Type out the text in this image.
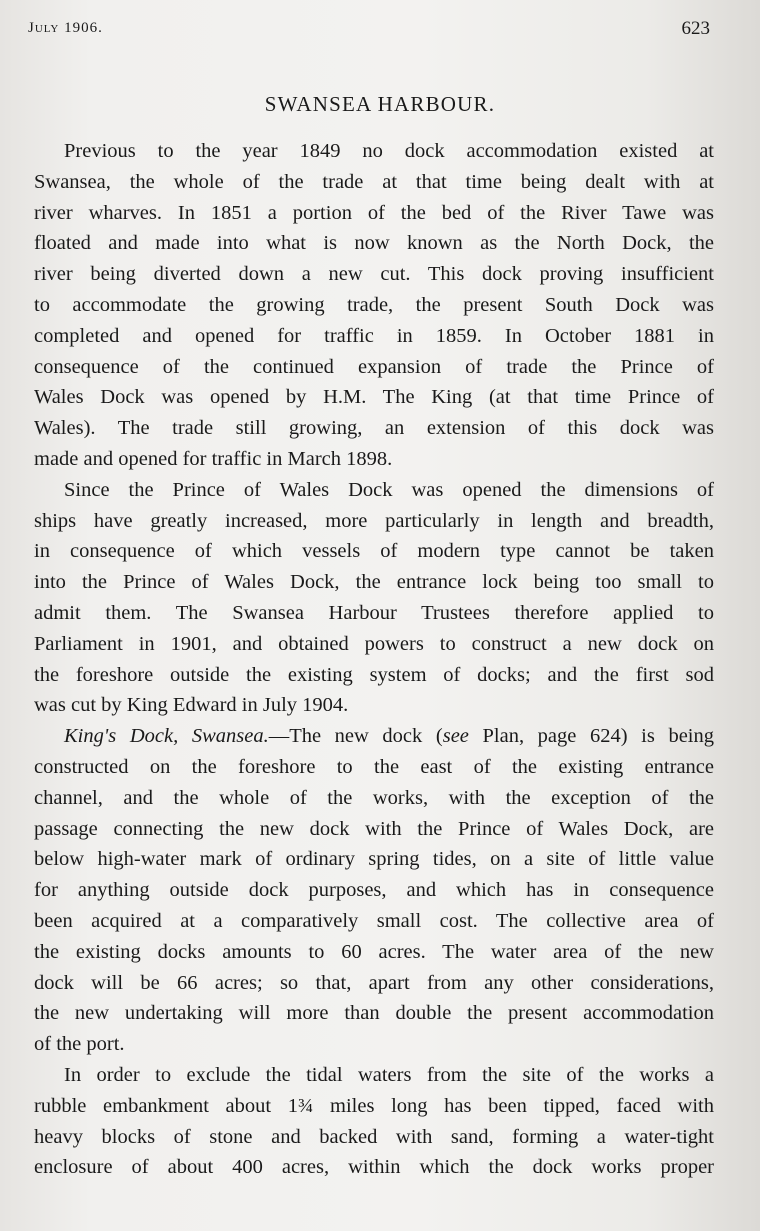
July 1906.	623
SWANSEA HARBOUR.
Previous to the year 1849 no dock accommodation existed at
Swansea, the whole of the trade at that time being dealt with at
river wharves. In 1851 a portion of the bed of the River Tawe was
floated and made into what is now known as the North Dock, the
river being diverted down a new cut. This dock proving insufficient
to accommodate the growing trade, the present South Dock was
completed and opened for traffic in 1859. In October 1881 in
consequence of the continued expansion of trade the Prince of
Wales Dock was opened by H.M. The King (at that time Prince of
Wales). The trade still growing, an extension of this dock was
made and opened for traffic in March 1898.
Since the Prince of Wales Dock was opened the dimensions of
ships have greatly increased, more particularly in length and breadth,
in consequence of which vessels of modern type cannot be taken
into the Prince of Wales Dock, the entrance lock being too small to
admit them. The Swansea Harbour Trustees therefore applied to
Parliament in 1901, and obtained powers to construct a new dock on
the foreshore outside the existing system of docks; and the first sod
was cut by King Edward in July 1904.
King's Dock, Swansea.—The new dock (see Plan, page 624) is being
constructed on the foreshore to the east of the existing entrance
channel, and the whole of the works, with the exception of the
passage connecting the new dock with the Prince of Wales Dock, are
below high-water mark of ordinary spring tides, on a site of little value
for anything outside dock purposes, and which has in consequence
been acquired at a comparatively small cost. The collective area of
the existing docks amounts to 60 acres. The water area of the new
dock will be 66 acres; so that, apart from any other considerations,
the new undertaking will more than double the present accommodation
of the port.
In order to exclude the tidal waters from the site of the works a
rubble embankment about 1¾ miles long has been tipped, faced with
heavy blocks of stone and backed with sand, forming a water-tight
enclosure of about 400 acres, within which the dock works proper
